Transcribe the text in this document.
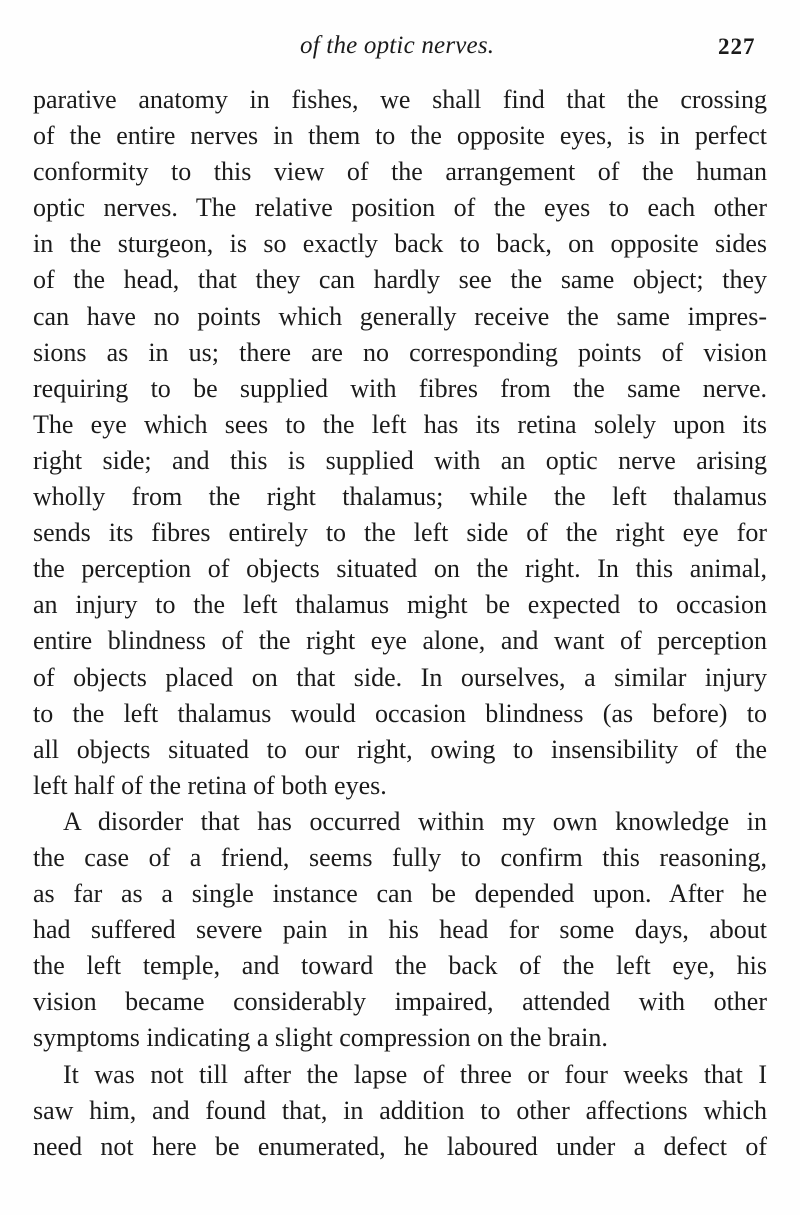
of the optic nerves.	227
parative anatomy in fishes, we shall find that the crossing
of the entire nerves in them to the opposite eyes, is in perfect
conformity to this view of the arrangement of the human
optic nerves. The relative position of the eyes to each other
in the sturgeon, is so exactly back to back, on opposite sides
of the head, that they can hardly see the same object; they
can have no points which generally receive the same impres-
sions as in us; there are no corresponding points of vision
requiring to be supplied with fibres from the same nerve.
The eye which sees to the left has its retina solely upon its
right side; and this is supplied with an optic nerve arising
wholly from the right thalamus; while the left thalamus
sends its fibres entirely to the left side of the right eye for
the perception of objects situated on the right. In this animal,
an injury to the left thalamus might be expected to occasion
entire blindness of the right eye alone, and want of perception
of objects placed on that side. In ourselves, a similar injury
to the left thalamus would occasion blindness (as before) to
all objects situated to our right, owing to insensibility of the
left half of the retina of both eyes.
A disorder that has occurred within my own knowledge in
the case of a friend, seems fully to confirm this reasoning,
as far as a single instance can be depended upon. After he
had suffered severe pain in his head for some days, about
the left temple, and toward the back of the left eye, his
vision became considerably impaired, attended with other
symptoms indicating a slight compression on the brain.
It was not till after the lapse of three or four weeks that I
saw him, and found that, in addition to other affections which
need not here be enumerated, he laboured under a defect of
